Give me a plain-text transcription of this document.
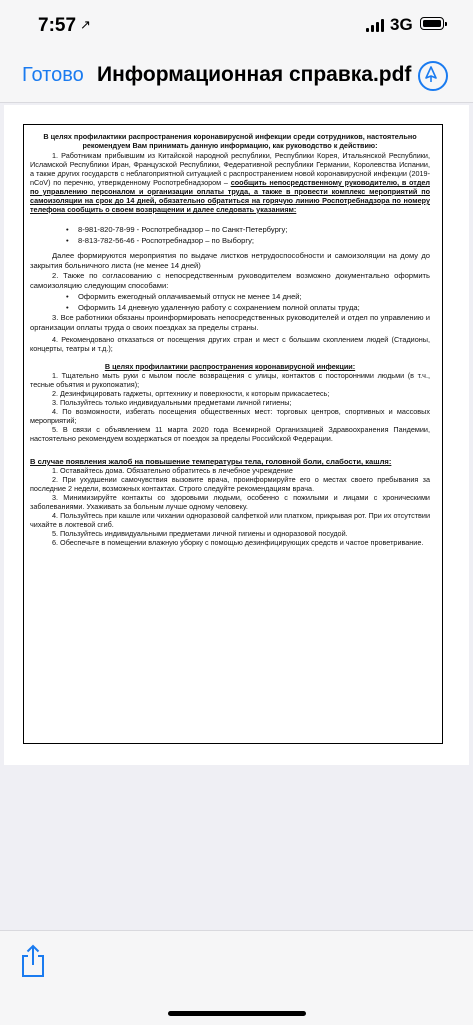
7:57 ↗	3G
Готово Информационная справка.pdf

В целях профилактики распространения коронавирусной инфекции среди сотрудников, настоятельно рекомендуем Вам принимать данную информацию, как руководство к действию:

1. Работникам прибывшим из Китайской народной республики, Республики Корея, Итальянской Республики, Исламской Республики Иран, Французской Республики, Федеративной республики Германии, Королевства Испании, а также других государств с неблагоприятной ситуацией с распространением новой коронавирусной инфекции (2019-nCoV) по перечню, утвержденному Роспотребнадзором – сообщить непосредственному руководителю, в отдел по управлению персоналом и организации оплаты труда, а также в провести комплекс мероприятий по самоизоляции на срок до 14 дней, обязательно обратиться на горячую линию Роспотребнадзора по номеру телефона сообщить о своем возвращении и далее следовать указаниям:

• 8-981-820-78-99 - Роспотребнадзор – по Санкт-Петербургу;

• 8-813-782-56-46 - Роспотребнадзор – по Выборгу;

Далее формируются мероприятия по выдаче листков нетрудоспособности и самоизоляции на дому до закрытия больничного листа (не менее 14 дней)

2. Также по согласованию с непосредственным руководителем возможно документально оформить самоизоляцию следующим способами:

• Оформить ежегодный оплачиваемый отпуск не менее 14 дней;

• Оформить 14 дневную удаленную работу с сохранением полной оплаты труда;

3. Все работники обязаны проинформировать непосредственных руководителей и отдел по управлению и организации оплаты труда о своих поездках за пределы страны.

4. Рекомендовано отказаться от посещения других стран и мест с большим скоплением людей (Стадионы, концерты, театры и т.д.);

В целях профилактики распространения коронавирусной инфекции:

1. Тщательно мыть руки с мылом после возвращения с улицы, контактов с посторонними людьми (в т.ч., тесные объятия и рукопожатия);

2. Дезинфицировать гаджеты, оргтехнику и поверхности, к которым прикасаетесь;

3. Пользуйтесь только индивидуальными предметами личной гигиены;

4. По возможности, избегать посещения общественных мест: торговых центров, спортивных и массовых мероприятий;

5. В связи с объявлением 11 марта 2020 года Всемирной Организацией Здравоохранения Пандемии, настоятельно рекомендуем воздержаться от поездок за пределы Российской Федерации.

В случае появления жалоб на повышение температуры тела, головной боли, слабости, кашля:

1. Оставайтесь дома. Обязательно обратитесь в лечебное учреждение

2. При ухудшении самочувствия вызовите врача, проинформируйте его о местах своего пребывания за последние 2 недели, возможных контактах. Строго следуйте рекомендациям врача.

3. Минимизируйте контакты со здоровыми людьми, особенно с пожилыми и лицами с хроническими заболеваниями. Ухаживать за больным лучше одному человеку.

4. Пользуйтесь при кашле или чихании одноразовой салфеткой или платком, прикрывая рот. При их отсутствии чихайте в локтевой сгиб.

5. Пользуйтесь индивидуальными предметами личной гигиены и одноразовой посудой.

6. Обеспечьте в помещении влажную уборку с помощью дезинфицирующих средств и частое проветривание.
